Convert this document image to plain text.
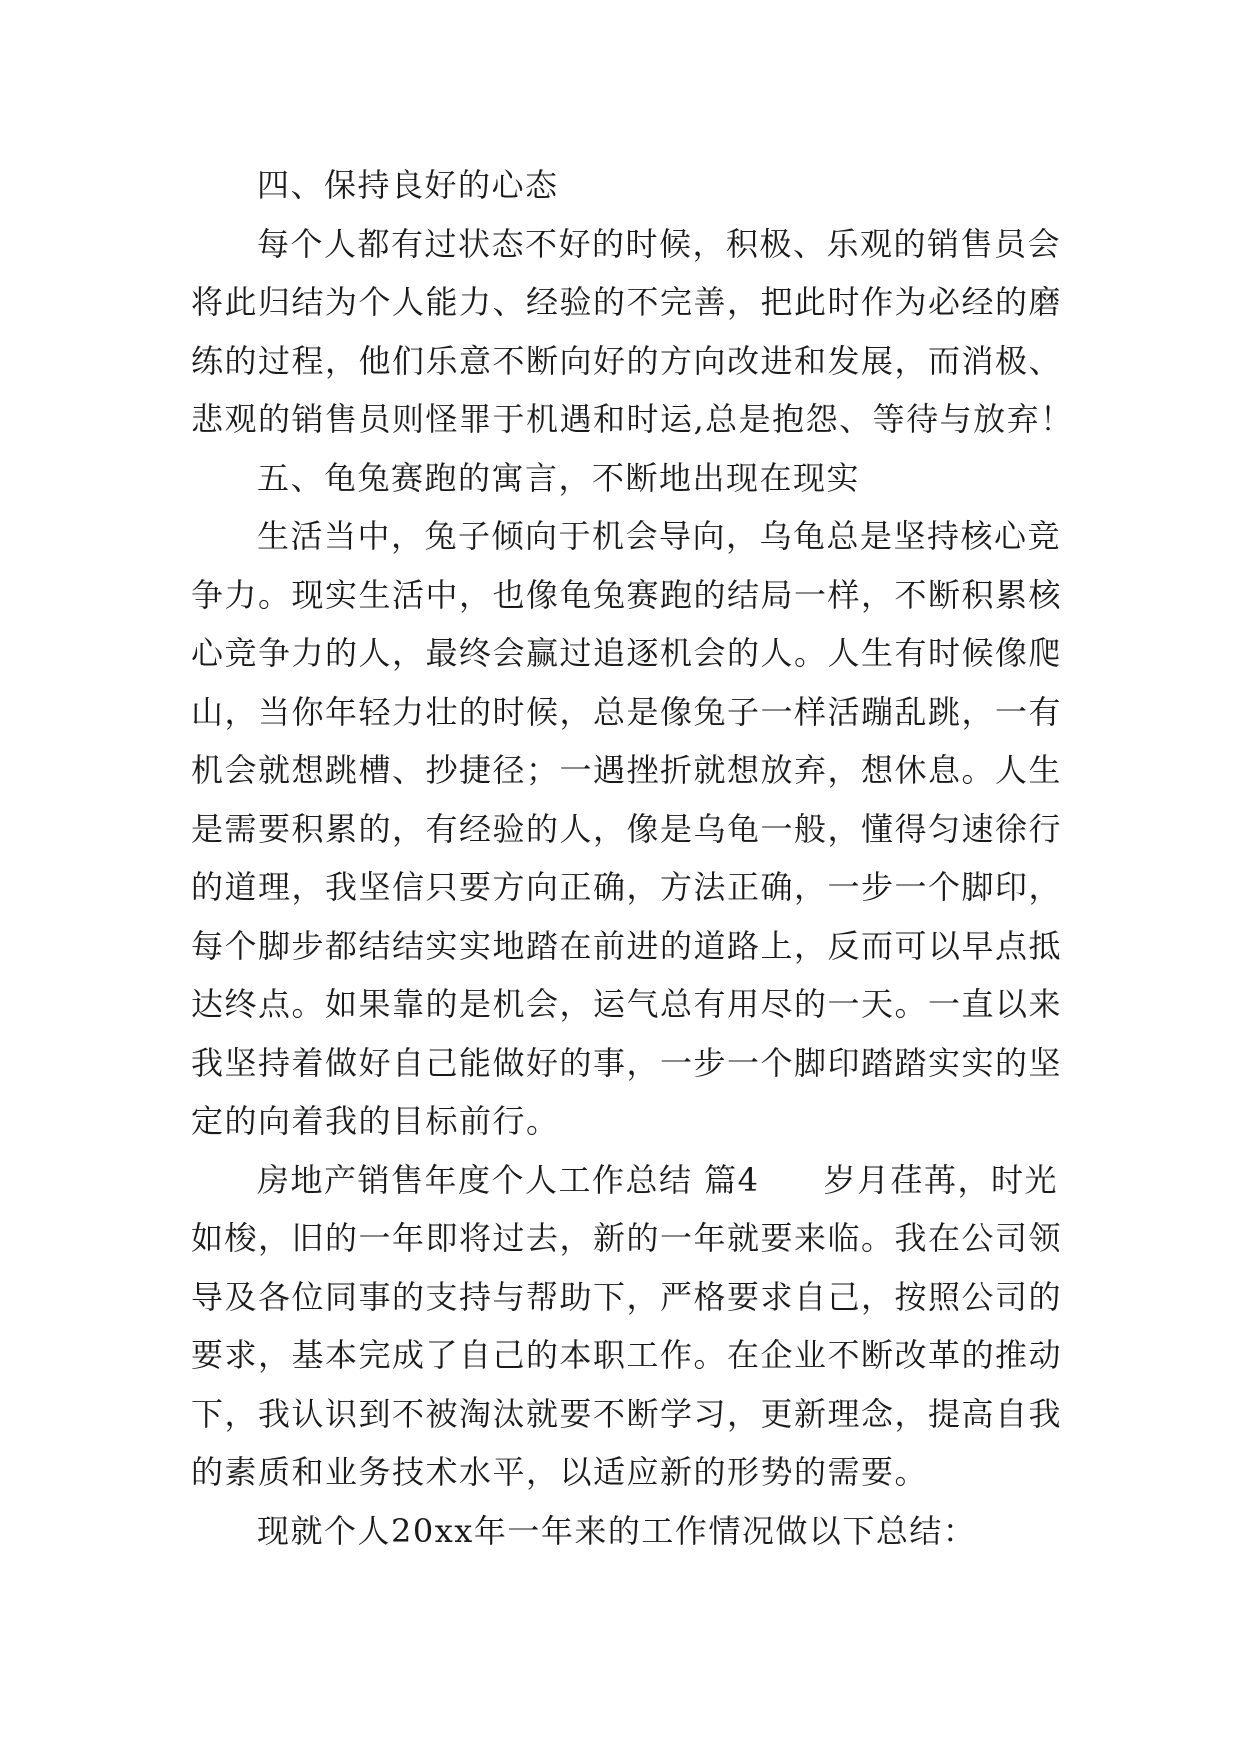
四、保持良好的心态
每个人都有过状态不好的时候，积极、乐观的销售员会
将此归结为个人能力、经验的不完善，把此时作为必经的磨
练的过程，他们乐意不断向好的方向改进和发展，而消极、
悲观的销售员则怪罪于机遇和时运,总是抱怨、等待与放弃！
五、龟兔赛跑的寓言，不断地出现在现实
生活当中，兔子倾向于机会导向，乌龟总是坚持核心竞
争力。现实生活中，也像龟兔赛跑的结局一样，不断积累核
心竞争力的人，最终会赢过追逐机会的人。人生有时候像爬
山，当你年轻力壮的时候，总是像兔子一样活蹦乱跳，一有
机会就想跳槽、抄捷径；一遇挫折就想放弃，想休息。人生
是需要积累的，有经验的人，像是乌龟一般，懂得匀速徐行
的道理，我坚信只要方向正确，方法正确，一步一个脚印，
每个脚步都结结实实地踏在前进的道路上，反而可以早点抵
达终点。如果靠的是机会，运气总有用尽的一天。一直以来
我坚持着做好自己能做好的事，一步一个脚印踏踏实实的坚
定的向着我的目标前行。
房地产销售年度个人工作总结 篇4 岁月荏苒，时光
如梭，旧的一年即将过去，新的一年就要来临。我在公司领
导及各位同事的支持与帮助下，严格要求自己，按照公司的
要求，基本完成了自己的本职工作。在企业不断改革的推动
下，我认识到不被淘汰就要不断学习，更新理念，提高自我
的素质和业务技术水平，以适应新的形势的需要。
现就个人20xx年一年来的工作情况做以下总结：
